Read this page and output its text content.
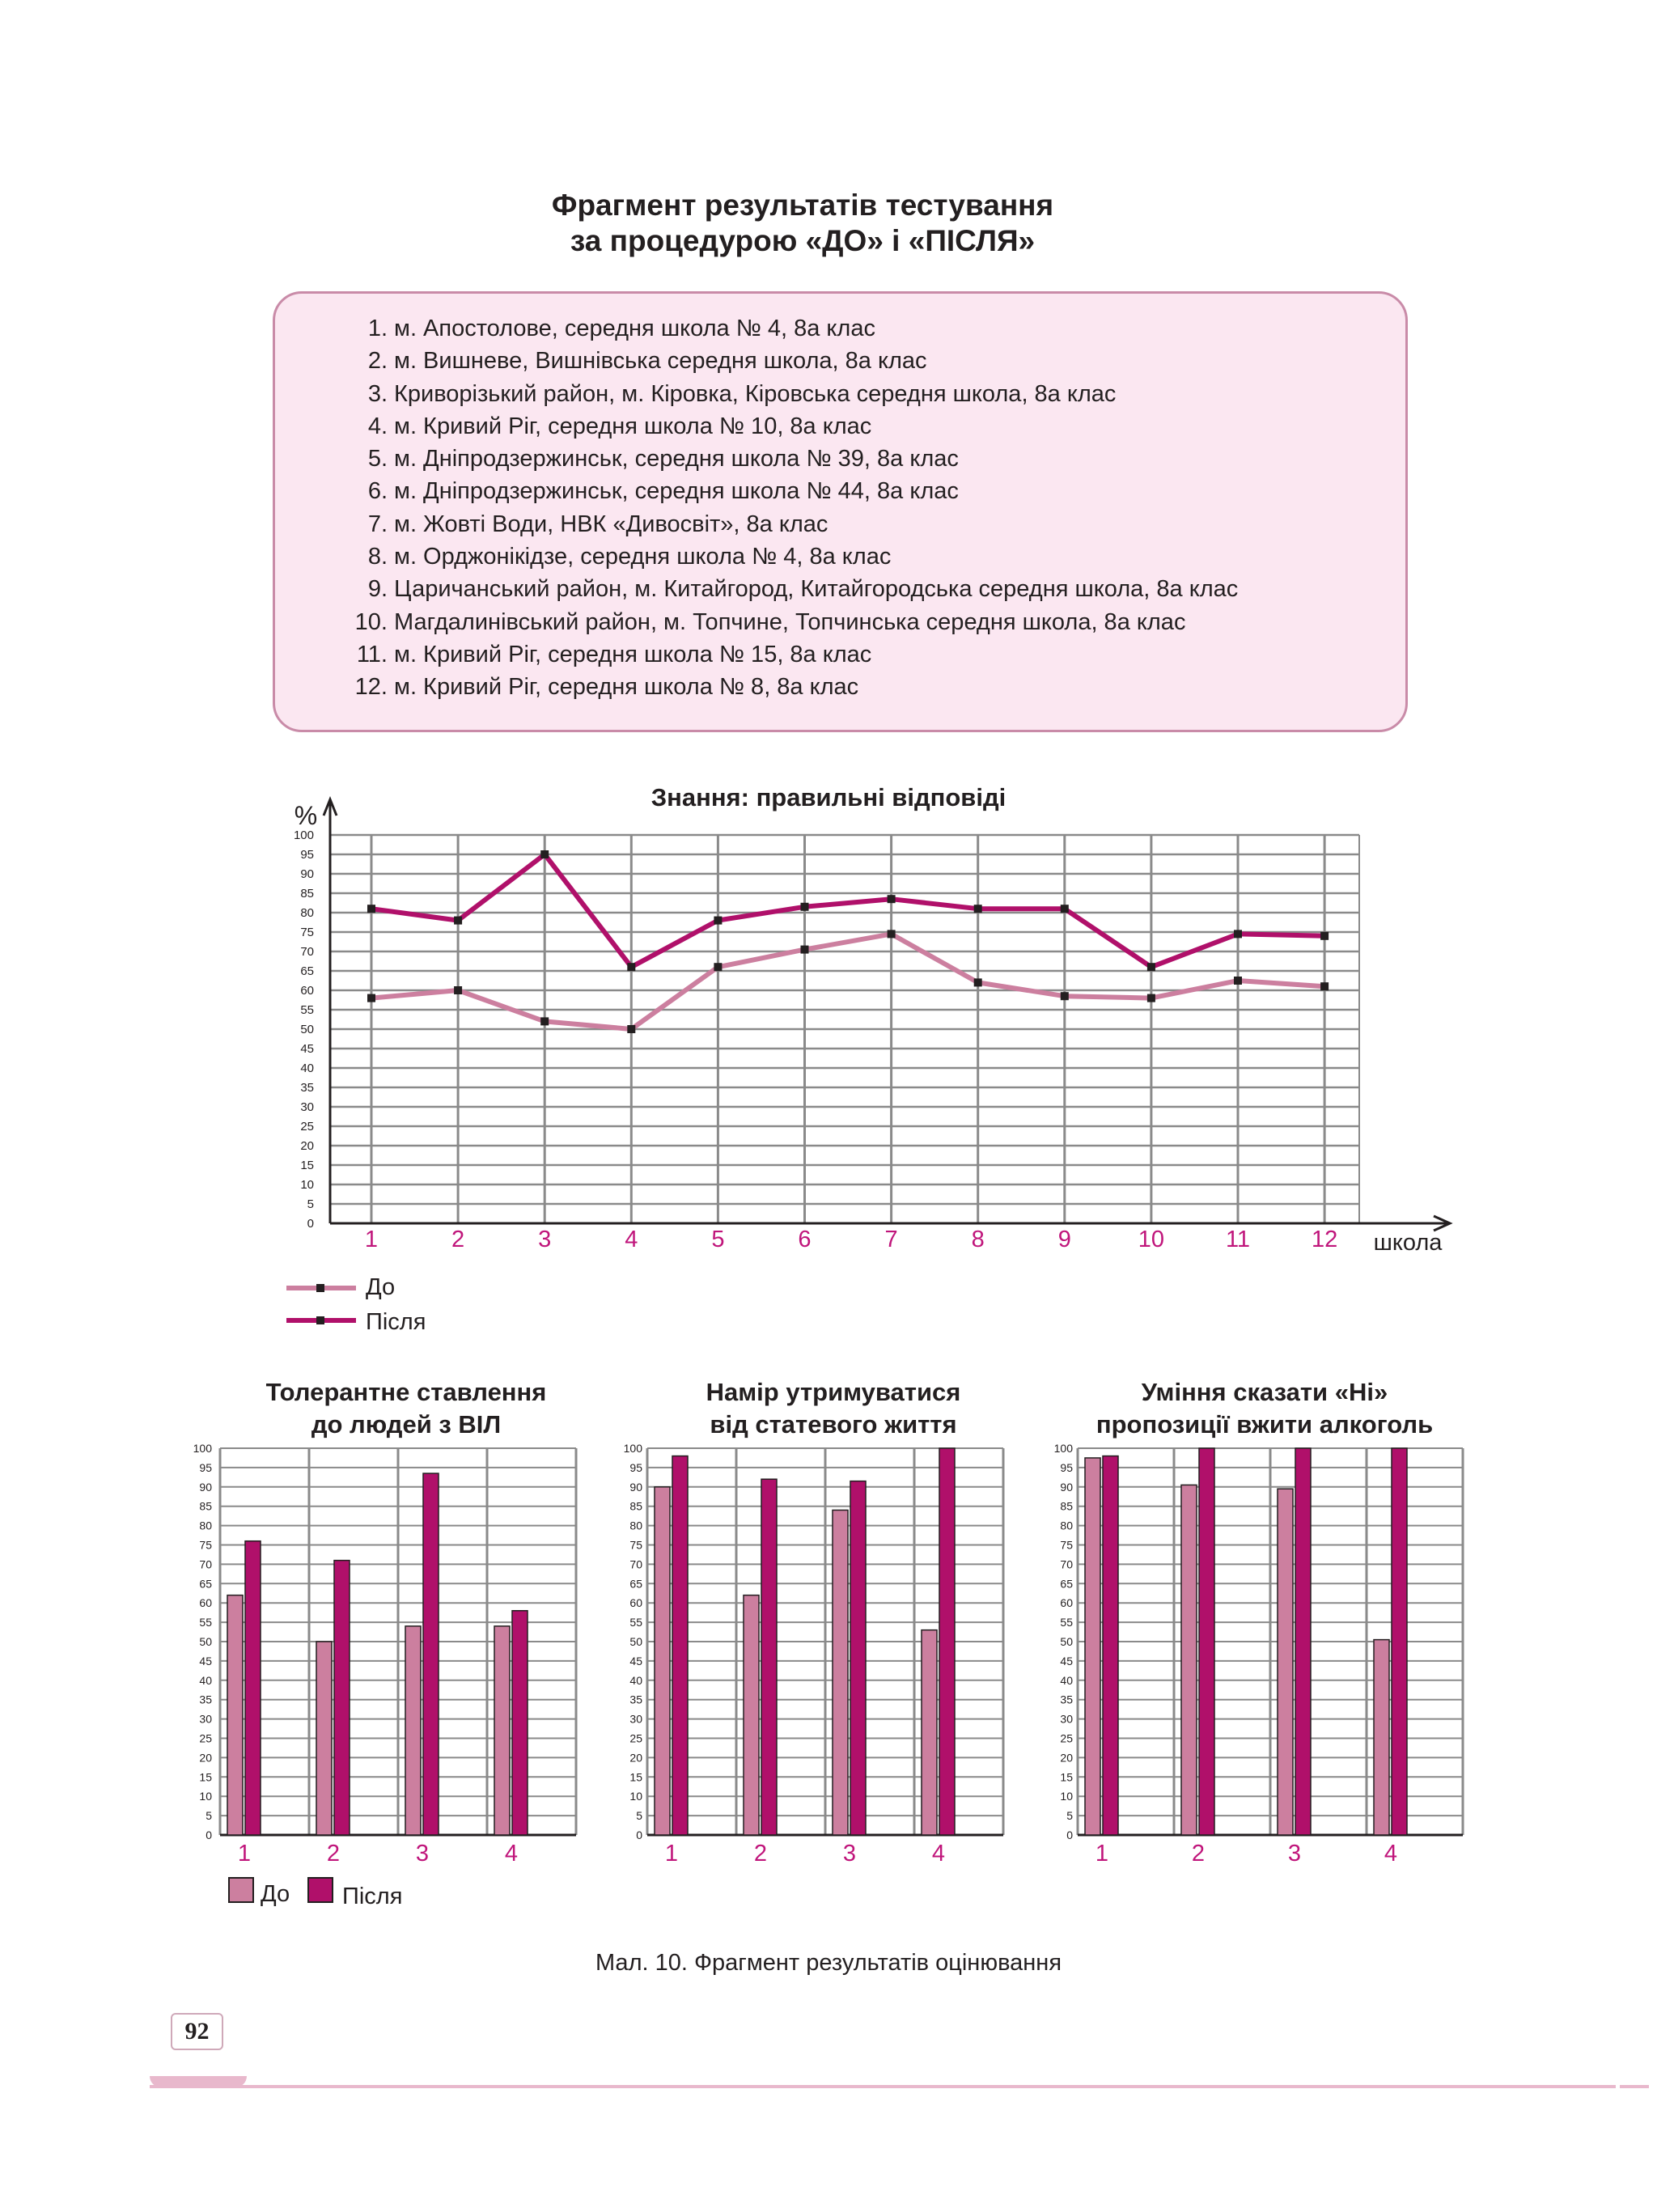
Фрагмент результатів тестування
за процедурою «ДО» і «ПІСЛЯ»
1. м. Апостолове, середня школа № 4, 8а клас
2. м. Вишневе, Вишнівська середня школа, 8а клас
3. Криворізький район, м. Кіровка, Кіровська середня школа, 8а клас
4. м. Кривий Ріг, середня школа № 10, 8а клас
5. м. Дніпродзержинськ, середня школа № 39, 8а клас
6. м. Дніпродзержинськ, середня школа № 44, 8а клас
7. м. Жовті Води, НВК «Дивосвіт», 8а клас
8. м. Орджонікідзе, середня школа № 4, 8а клас
9. Царичанський район, м. Китайгород, Китайгородська середня школа, 8а клас
10. Магдалинівський район, м. Топчине, Топчинська середня школа, 8а клас
11. м. Кривий Ріг, середня школа № 15, 8а клас
12. м. Кривий Ріг, середня школа № 8, 8а клас
Знання: правильні відповіді
0
5
10
15
20
25
30
35
40
45
50
55
60
65
70
75
80
85
90
95
100
%
школа
1	2	3	4	5	6	7	8	9	10	11	12
До
Після
Толерантне ставлення
до людей з ВІЛ
0
5
10
15
20
25
30
35
40
45
50
55
60
65
70
75
80
85
90
95
100
1	2	3	4
Намір утримуватися
від статевого життя
0
5
10
15
20
25
30
35
40
45
50
55
60
65
70
75
80
85
90
95
100
1	2	3	4
Уміння сказати «Ні»
пропозиції вжити алкоголь
0
5
10
15
20
25
30
35
40
45
50
55
60
65
70
75
80
85
90
95
100
1	2	3	4
До Після
Мал. 10. Фрагмент результатів оцінювання
92
